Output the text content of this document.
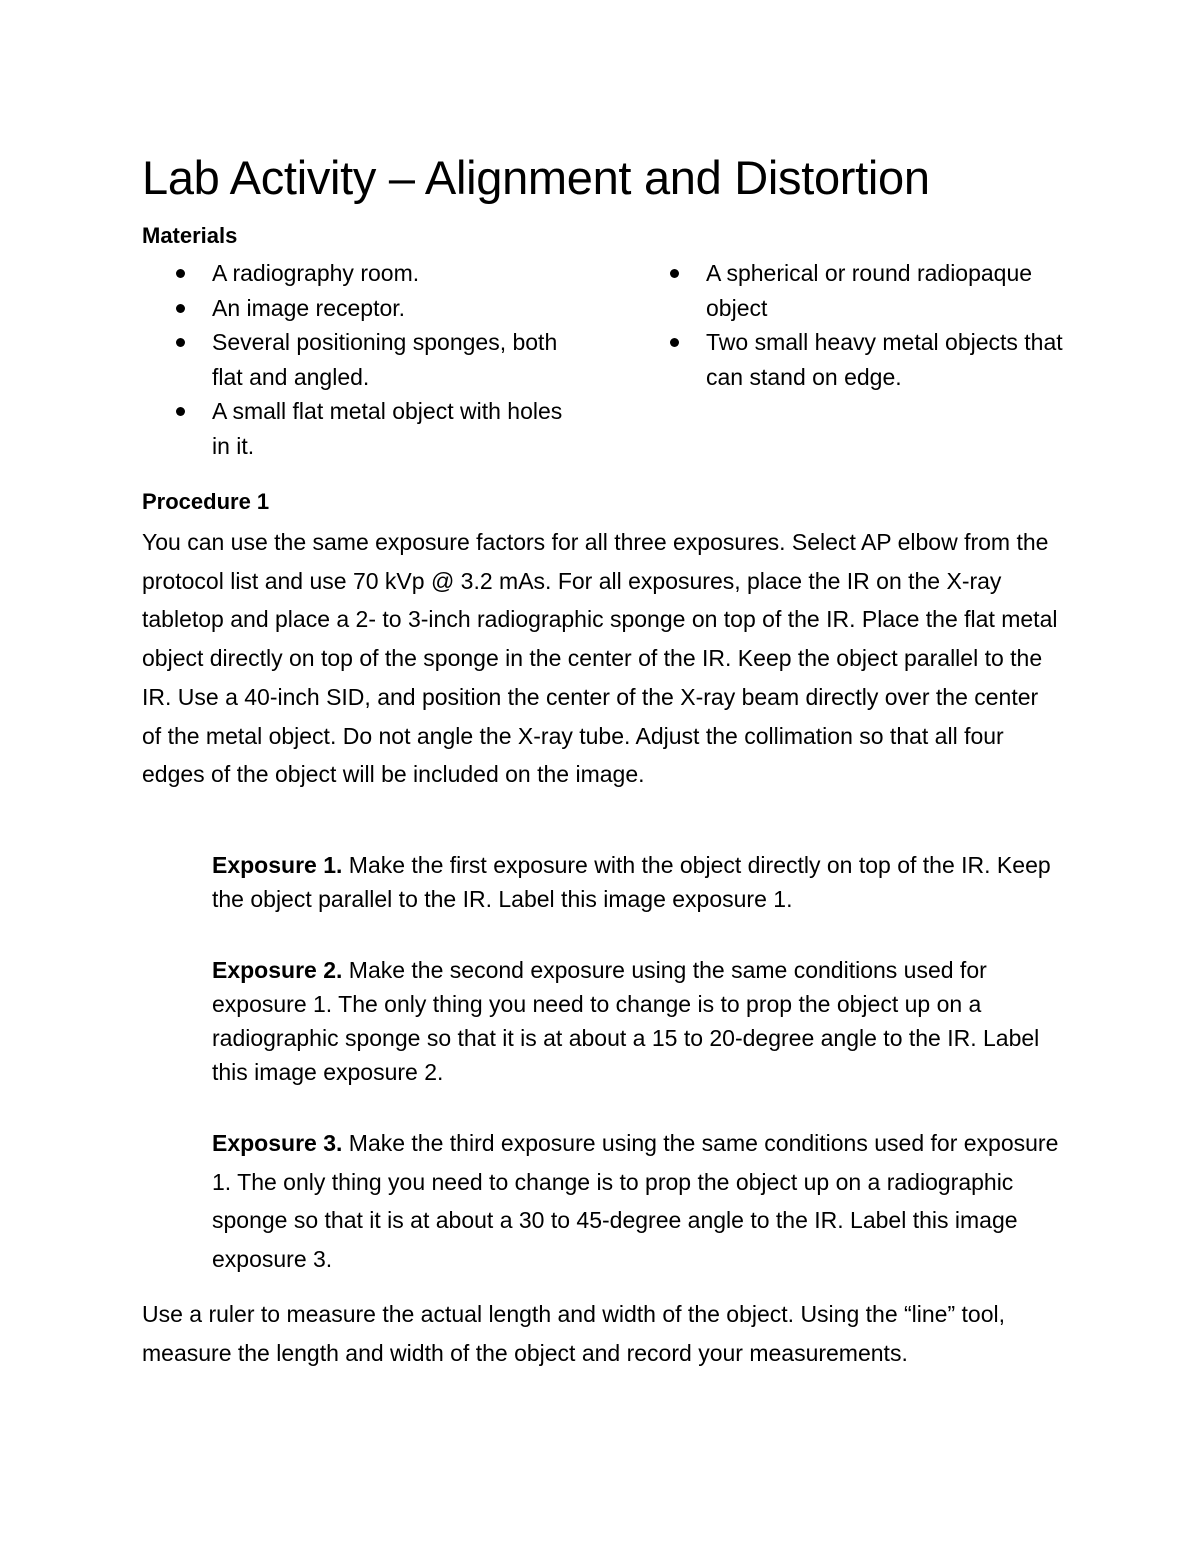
Lab Activity – Alignment and Distortion
Materials
A radiography room.
An image receptor.
Several positioning sponges, both flat and angled.
A small flat metal object with holes in it.
A spherical or round radiopaque object
Two small heavy metal objects that can stand on edge.
Procedure 1

You can use the same exposure factors for all three exposures. Select AP elbow from the protocol list and use 70 kVp @ 3.2 mAs. For all exposures, place the IR on the X-ray tabletop and place a 2- to 3-inch radiographic sponge on top of the IR. Place the flat metal object directly on top of the sponge in the center of the IR. Keep the object parallel to the IR. Use a 40-inch SID, and position the center of the X-ray beam directly over the center of the metal object. Do not angle the X-ray tube. Adjust the collimation so that all four edges of the object will be included on the image.

Exposure 1. Make the first exposure with the object directly on top of the IR. Keep the object parallel to the IR. Label this image exposure 1.

Exposure 2. Make the second exposure using the same conditions used for exposure 1. The only thing you need to change is to prop the object up on a radiographic sponge so that it is at about a 15 to 20-degree angle to the IR. Label this image exposure 2.

Exposure 3. Make the third exposure using the same conditions used for exposure 1. The only thing you need to change is to prop the object up on a radiographic sponge so that it is at about a 30 to 45-degree angle to the IR. Label this image exposure 3.

Use a ruler to measure the actual length and width of the object. Using the “line” tool, measure the length and width of the object and record your measurements.
